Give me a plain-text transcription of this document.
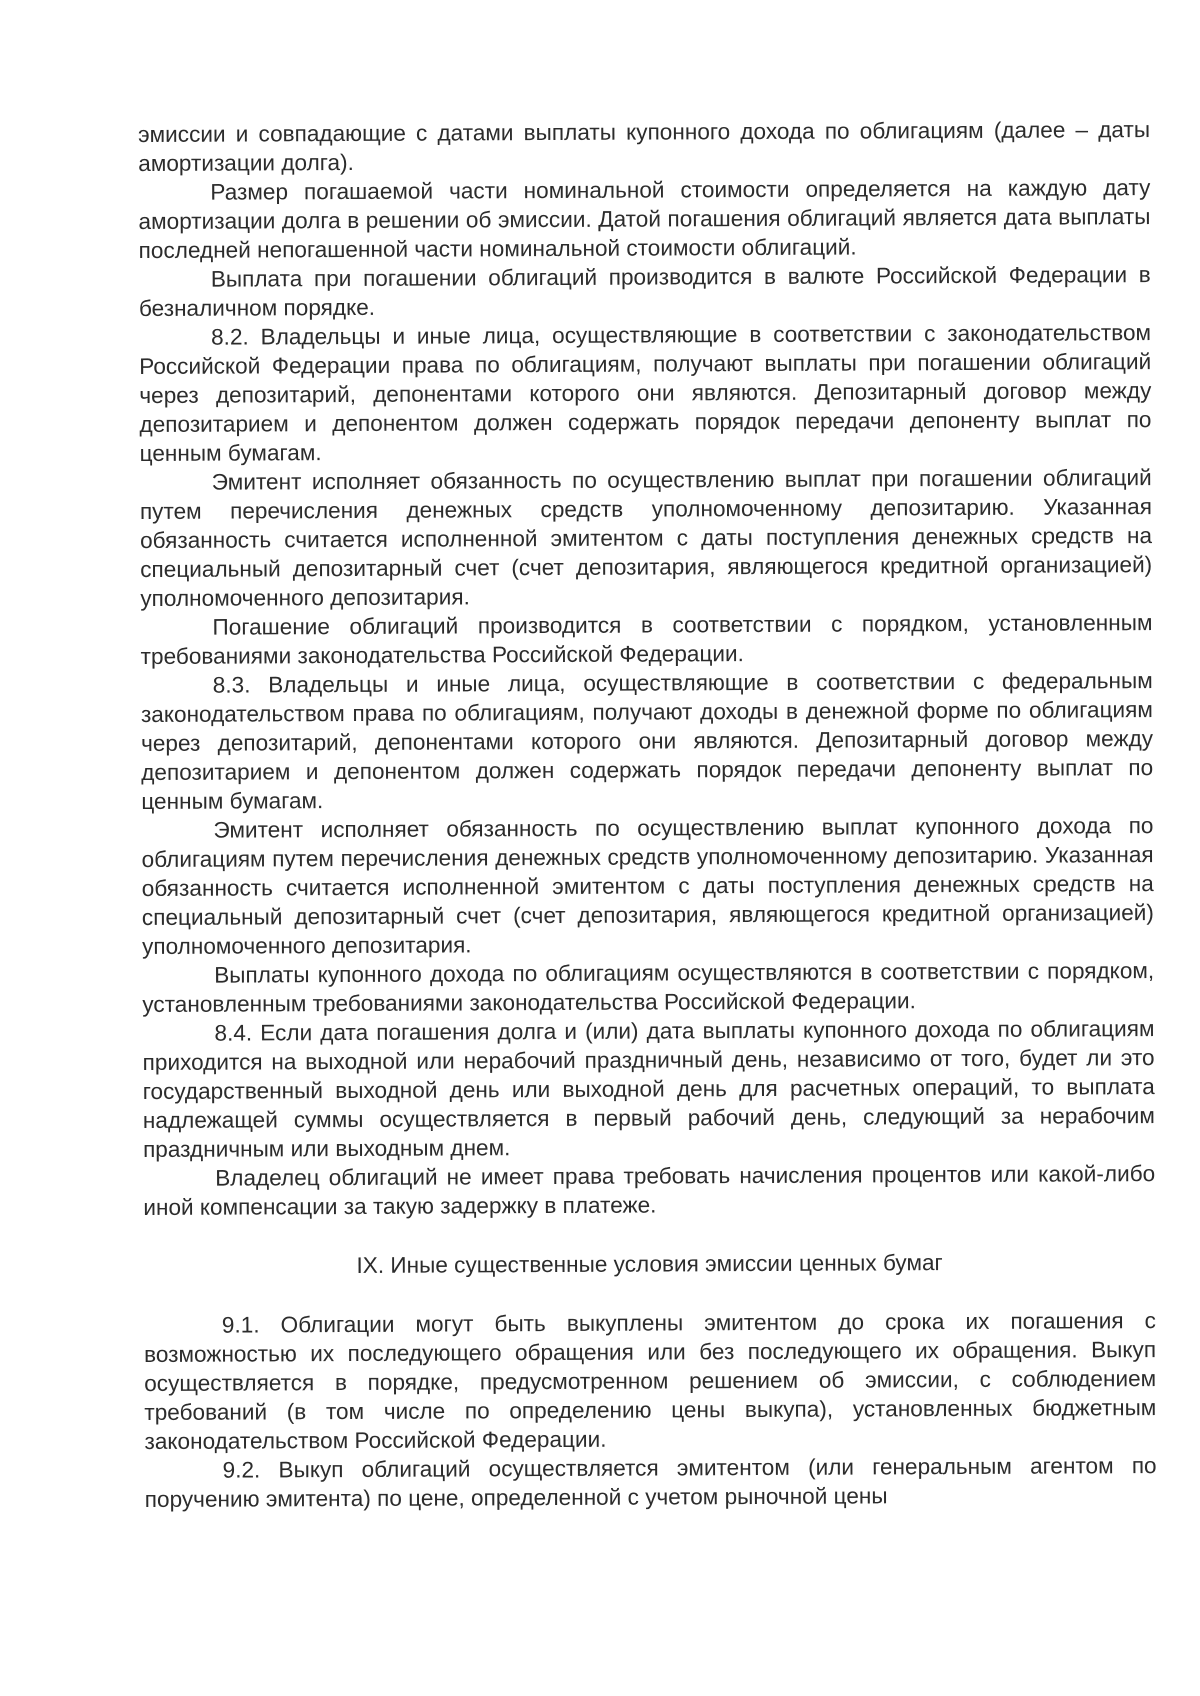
эмиссии и совпадающие с датами выплаты купонного дохода по облигациям (далее – даты амортизации долга).

Размер погашаемой части номинальной стоимости определяется на каждую дату амортизации долга в решении об эмиссии. Датой погашения облигаций является дата выплаты последней непогашенной части номинальной стоимости облигаций.

Выплата при погашении облигаций производится в валюте Российской Федерации в безналичном порядке.

8.2. Владельцы и иные лица, осуществляющие в соответствии с законодательством Российской Федерации права по облигациям, получают выплаты при погашении облигаций через депозитарий, депонентами которого они являются. Депозитарный договор между депозитарием и депонентом должен содержать порядок передачи депоненту выплат по ценным бумагам.

Эмитент исполняет обязанность по осуществлению выплат при погашении облигаций путем перечисления денежных средств уполномоченному депозитарию. Указанная обязанность считается исполненной эмитентом с даты поступления денежных средств на специальный депозитарный счет (счет депозитария, являющегося кредитной организацией) уполномоченного депозитария.

Погашение облигаций производится в соответствии с порядком, установленным требованиями законодательства Российской Федерации.

8.3. Владельцы и иные лица, осуществляющие в соответствии с федеральным законодательством права по облигациям, получают доходы в денежной форме по облигациям через депозитарий, депонентами которого они являются. Депозитарный договор между депозитарием и депонентом должен содержать порядок передачи депоненту выплат по ценным бумагам.

Эмитент исполняет обязанность по осуществлению выплат купонного дохода по облигациям путем перечисления денежных средств уполномоченному депозитарию. Указанная обязанность считается исполненной эмитентом с даты поступления денежных средств на специальный депозитарный счет (счет депозитария, являющегося кредитной организацией) уполномоченного депозитария.

Выплаты купонного дохода по облигациям осуществляются в соответствии с порядком, установленным требованиями законодательства Российской Федерации.

8.4. Если дата погашения долга и (или) дата выплаты купонного дохода по облигациям приходится на выходной или нерабочий праздничный день, независимо от того, будет ли это государственный выходной день или выходной день для расчетных операций, то выплата надлежащей суммы осуществляется в первый рабочий день, следующий за нерабочим праздничным или выходным днем.

Владелец облигаций не имеет права требовать начисления процентов или какой-либо иной компенсации за такую задержку в платеже.

IX. Иные существенные условия эмиссии ценных бумаг

9.1. Облигации могут быть выкуплены эмитентом до срока их погашения с возможностью их последующего обращения или без последующего их обращения. Выкуп осуществляется в порядке, предусмотренном решением об эмиссии, с соблюдением требований (в том числе по определению цены выкупа), установленных бюджетным законодательством Российской Федерации.

9.2. Выкуп облигаций осуществляется эмитентом (или генеральным агентом по поручению эмитента) по цене, определенной с учетом рыночной цены
